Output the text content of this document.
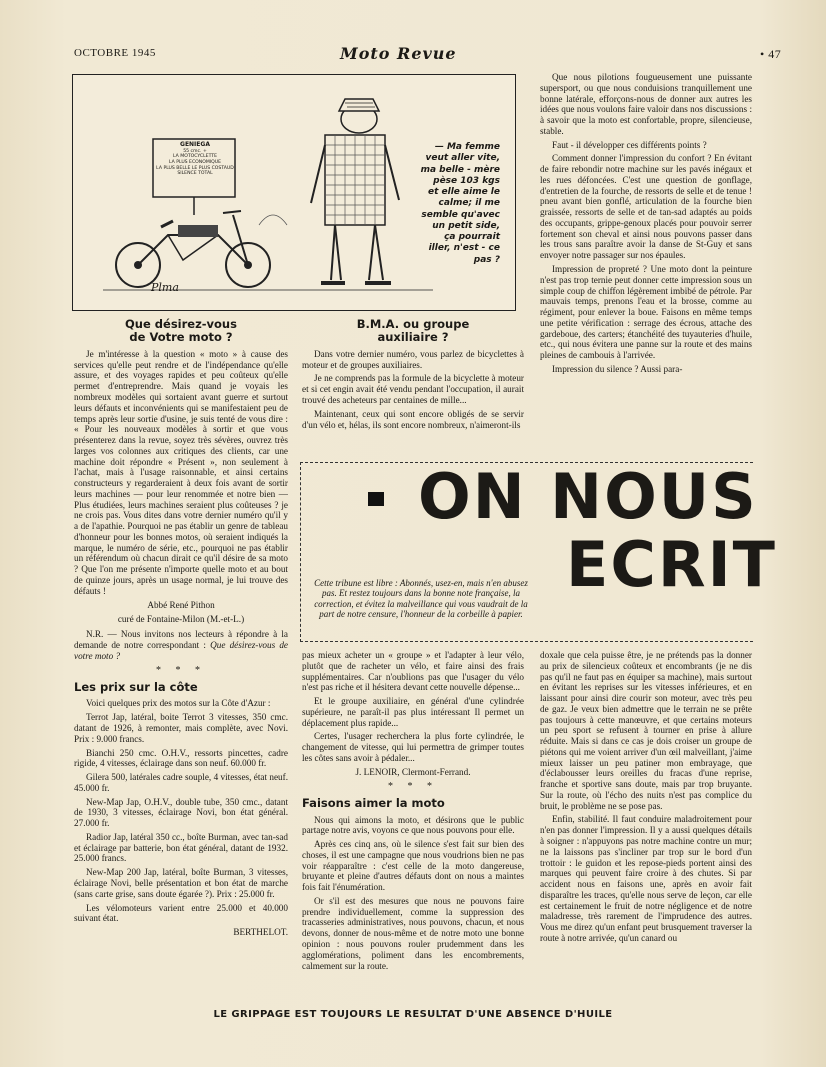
OCTOBRE 1945	Moto Revue	• 47
GENIEGA
55 cmc. +
LA MOTOCYCLETTE
LA PLUS ECONOMIQUE
LA PLUS BELLE LE PLUS COSTAUD
SILENCE TOTAL
Plma
— Ma femme veut aller vite, ma belle - mère pèse 103 kgs et elle aime le calme; il me semble qu'avec un petit side, ça pourrait iller, n'est - ce pas ?
Que désirez-vous
de Votre moto ?

Je m'intéresse à la question « moto » à cause des services qu'elle peut rendre et de l'indépendance qu'elle assure, et des voyages rapides et peu coûteux qu'elle permet d'entreprendre. Mais quand je voyais les nombreux modèles qui sortaient avant guerre et surtout leurs défauts et inconvénients qui se manifestaient peu de temps après leur sortie d'usine, je suis tenté de vous dire : « Pour les nouveaux modèles à sortir et que vous présenterez dans la revue, soyez très sévères, ouvrez très larges vos colonnes aux critiques des clients, car une machine doit répondre « Présent », non seulement à l'achat, mais à l'usage raisonnable, et ainsi certains constructeurs y regarderaient à deux fois avant de sortir leurs machines — pour leur renommée et notre bien — Plus étudiées, leurs machines seraient plus coûteuses ? je ne crois pas. Vous dites dans votre dernier numéro qu'il y a de l'apathie. Pourquoi ne pas établir un genre de tableau d'honneur pour les bonnes motos, où seraient indiqués la marque, le numéro de série, etc., pourquoi ne pas établir un référendum où chacun dirait ce qu'il désire de sa moto ? Que l'on me présente n'importe quelle moto et au bout de quinze jours, après un usage normal, je lui trouve des défauts !

Abbé René Pithon

curé de Fontaine-Milon (M.-et-L.)

N.R. — Nous invitons nos lecteurs à répondre à la demande de notre correspondant : Que désirez-vous de votre moto ?

* * *
Les prix sur la côte

Voici quelques prix des motos sur la Côte d'Azur :

Terrot Jap, latéral, boite Terrot 3 vitesses, 350 cmc. datant de 1926, à remonter, mais complète, avec Novi. Prix : 9.000 francs.

Bianchi 250 cmc. O.H.V., ressorts pincettes, cadre rigide, 4 vitesses, éclairage dans son neuf. 60.000 fr.

Gilera 500, latérales cadre souple, 4 vitesses, état neuf. 45.000 fr.

New-Map Jap, O.H.V., double tube, 350 cmc., datant de 1930, 3 vitesses, éclairage Novi, bon état général. 27.000 fr.

Radior Jap, latéral 350 cc., boîte Burman, avec tan-sad et éclairage par batterie, bon état général, datant de 1932. 25.000 francs.

New-Map 200 Jap, latéral, boîte Burman, 3 vitesses, éclairage Novi, belle présentation et bon état de marche (sans carte grise, sans doute égarée ?). Prix : 25.000 fr.

Les vélomoteurs varient entre 25.000 et 40.000 suivant état.

BERTHELOT.

B.M.A. ou groupe
auxiliaire ?

Dans votre dernier numéro, vous parlez de bicyclettes à moteur et de groupes auxiliaires.

Je ne comprends pas la formule de la bicyclette à moteur et si cet engin avait été vendu pendant l'occupation, il aurait trouvé des acheteurs par centaines de mille...

Maintenant, ceux qui sont encore obligés de se servir d'un vélo et, hélas, ils sont encore nombreux, n'aimeront-ils

Que nous pilotions fougueusement une puissante supersport, ou que nous conduisions tranquillement une bonne latérale, efforçons-nous de donner aux autres les idées que nous voulons faire valoir dans nos discussions : à savoir que la moto est confortable, propre, silencieuse, stable.

Faut - il développer ces différents points ?

Comment donner l'impression du confort ? En évitant de faire rebondir notre machine sur les pavés inégaux et les rues défoncées. C'est une question de gonflage, d'entretien de la fourche, de ressorts de selle et de tenue ! pneu avant bien gonflé, articulation de la fourche bien graissée, ressorts de selle et de tan-sad adaptés au poids des occupants, grippe-genoux placés pour pouvoir serrer fortement son cheval et ainsi nous pouvons passer dans les trous sans paraître avoir la danse de St-Guy et sans envoyer notre passager sur nos épaules.

Impression de propreté ? Une moto dont la peinture n'est pas trop ternie peut donner cette impression sous un simple coup de chiffon légèrement imbibé de pétrole. Par mauvais temps, prenons l'eau et la brosse, comme au régiment, pour enlever la boue. Faisons en même temps une petite vérification : serrage des écrous, attache des gardeboue, des carters; étanchéité des tuyauteries d'huile, etc., qui nous évitera une panne sur la route et des mains pleines de cambouis à l'arrivée.

Impression du silence ? Aussi para-

ON NOUS
ECRIT
Cette tribune est libre : Abonnés, usez-en, mais n'en abusez pas. Et restez toujours dans la bonne note française, la correction, et évitez la malveillance qui vous vaudrait de la part de notre censure, l'honneur de la corbeille à papier.

pas mieux acheter un « groupe » et l'adapter à leur vélo, plutôt que de racheter un vélo, et faire ainsi des frais supplémentaires. Car n'oublions pas que l'usager du vélo n'est pas riche et il hésitera devant cette nouvelle dépense...

Et le groupe auxiliaire, en général d'une cylindrée supérieure, ne paraît-il pas plus intéressant Il permet un déplacement plus rapide...

Certes, l'usager recherchera la plus forte cylindrée, le changement de vitesse, qui lui permettra de grimper toutes les côtes sans avoir à pédaler...

J. LENOIR, Clermont-Ferrand.

* * *
Faisons aimer la moto

Nous qui aimons la moto, et désirons que le public partage notre avis, voyons ce que nous pouvons pour elle.

Après ces cinq ans, où le silence s'est fait sur bien des choses, il est une campagne que nous voudrions bien ne pas voir réapparaître : c'est celle de la moto dangereuse, bruyante et pleine d'autres défauts dont on nous a maintes fois fait l'énumération.

Or s'il est des mesures que nous ne pouvons faire prendre individuellement, comme la suppression des tracasseries administratives, nous pouvons, chacun, et nous devons, donner de nous-même et de notre moto une bonne opinion : nous pouvons rouler prudemment dans les agglomérations, poliment dans les encombrements, calmement sur la route.

doxale que cela puisse être, je ne prétends pas la donner au prix de silencieux coûteux et encombrants (je ne dis pas qu'il ne faut pas en équiper sa machine), mais surtout en évitant les reprises sur les vitesses inférieures, et en laissant pour ainsi dire courir son moteur, avec très peu de gaz. Je veux bien admettre que le terrain ne se prête pas toujours à cette manœuvre, et que certains moteurs un peu sport se refusent à tourner en prise à allure réduite. Mais si dans ce cas je dois croiser un groupe de piétons qui me voient arriver d'un œil malveillant, j'aime mieux laisser un peu patiner mon embrayage, que d'éclabousser leurs oreilles du fracas d'une reprise, franche et sportive sans doute, mais par trop bruyante. Sur la route, où l'écho des nuits n'est pas complice du bruit, le problème ne se pose pas.

Enfin, stabilité. Il faut conduire maladroitement pour n'en pas donner l'impression. Il y a aussi quelques détails à soigner : n'appuyons pas notre machine contre un mur; ne la laissons pas s'incliner par trop sur le bord d'un trottoir : le guidon et les repose-pieds portent ainsi des marques qui peuvent faire croire à des chutes. Si par accident nous en faisons une, après en avoir fait disparaître les traces, qu'elle nous serve de leçon, car elle est certainement le fruit de notre négligence et de notre maladresse, très rarement de l'imprudence des autres. Vous me direz qu'un enfant peut brusquement traverser la route à notre arrivée, qu'un canard ou

LE GRIPPAGE EST TOUJOURS LE RESULTAT D'UNE ABSENCE D'HUILE
